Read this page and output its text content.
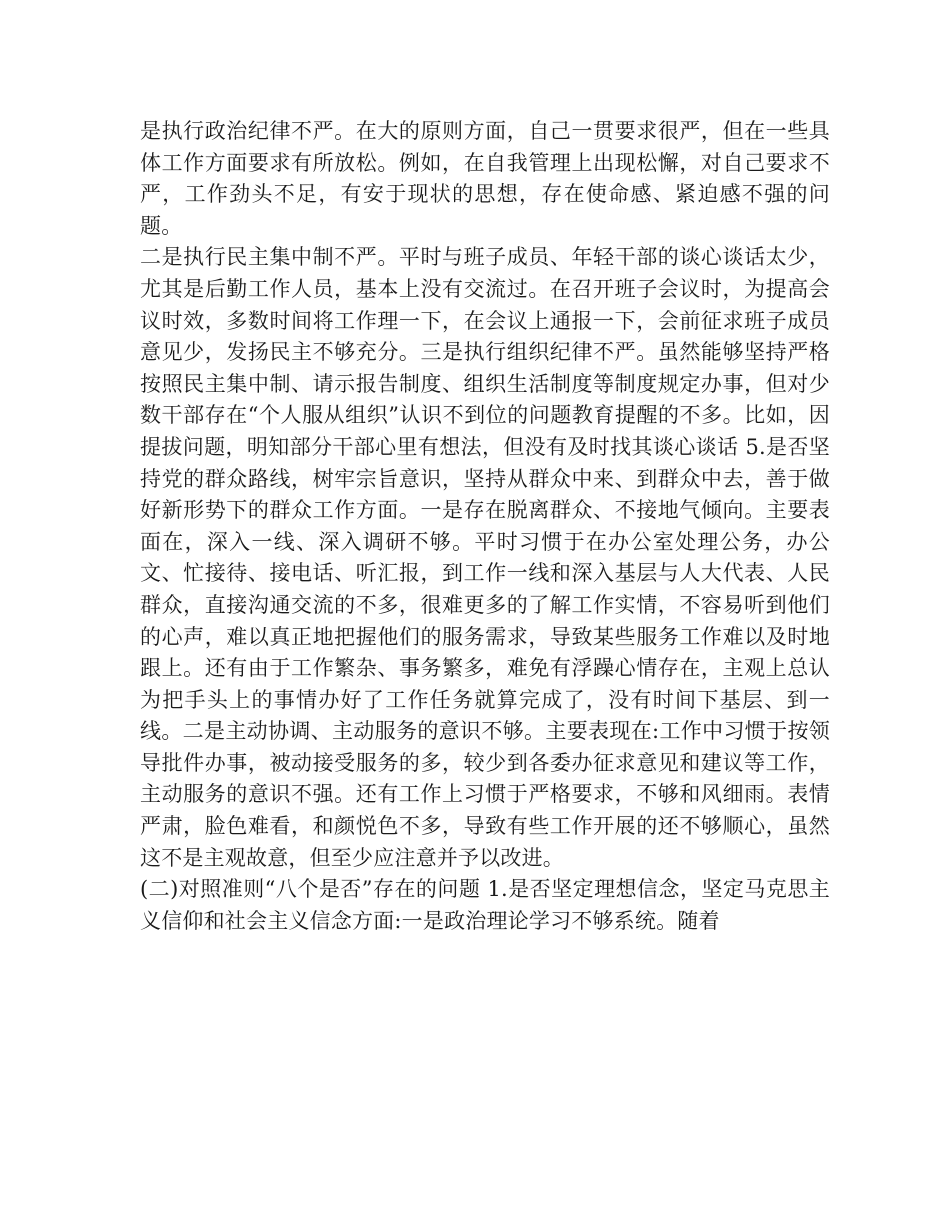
是执行政治纪律不严。在大的原则方面，自己一贯要求很严，但在一些具体工作方面要求有所放松。例如，在自我管理上出现松懈，对自己要求不严，工作劲头不足，有安于现状的思想，存在使命感、紧迫感不强的问题。

二是执行民主集中制不严。平时与班子成员、年轻干部的谈心谈话太少，尤其是后勤工作人员，基本上没有交流过。在召开班子会议时，为提高会议时效，多数时间将工作理一下，在会议上通报一下，会前征求班子成员意见少，发扬民主不够充分。三是执行组织纪律不严。虽然能够坚持严格按照民主集中制、请示报告制度、组织生活制度等制度规定办事，但对少数干部存在“个人服从组织”认识不到位的问题教育提醒的不多。比如，因提拔问题，明知部分干部心里有想法，但没有及时找其谈心谈话 5.是否坚持党的群众路线，树牢宗旨意识，坚持从群众中来、到群众中去，善于做好新形势下的群众工作方面。一是存在脱离群众、不接地气倾向。主要表面在，深入一线、深入调研不够。平时习惯于在办公室处理公务，办公文、忙接待、接电话、听汇报，到工作一线和深入基层与人大代表、人民群众，直接沟通交流的不多，很难更多的了解工作实情，不容易听到他们的心声，难以真正地把握他们的服务需求，导致某些服务工作难以及时地跟上。还有由于工作繁杂、事务繁多，难免有浮躁心情存在，主观上总认为把手头上的事情办好了工作任务就算完成了，没有时间下基层、到一线。二是主动协调、主动服务的意识不够。主要表现在:工作中习惯于按领导批件办事，被动接受服务的多，较少到各委办征求意见和建议等工作，主动服务的意识不强。还有工作上习惯于严格要求，不够和风细雨。表情严肃，脸色难看，和颜悦色不多，导致有些工作开展的还不够顺心，虽然这不是主观故意，但至少应注意并予以改进。

(二)对照准则“八个是否”存在的问题 1.是否坚定理想信念，坚定马克思主义信仰和社会主义信念方面:一是政治理论学习不够系统。随着
